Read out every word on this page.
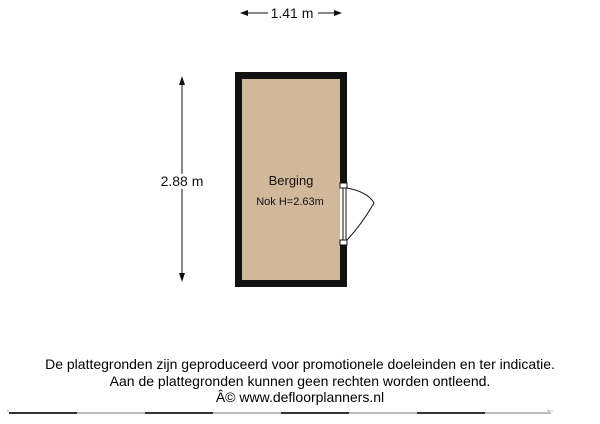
1.41 m
2.88 m	Berging
Nok H=2.63m
De plattegronden zijn geproduceerd voor promotionele doeleinden en ter indicatie.
Aan de plattegronden kunnen geen rechten worden ontleend.
Â© www.defloorplanners.nl
0	5m
